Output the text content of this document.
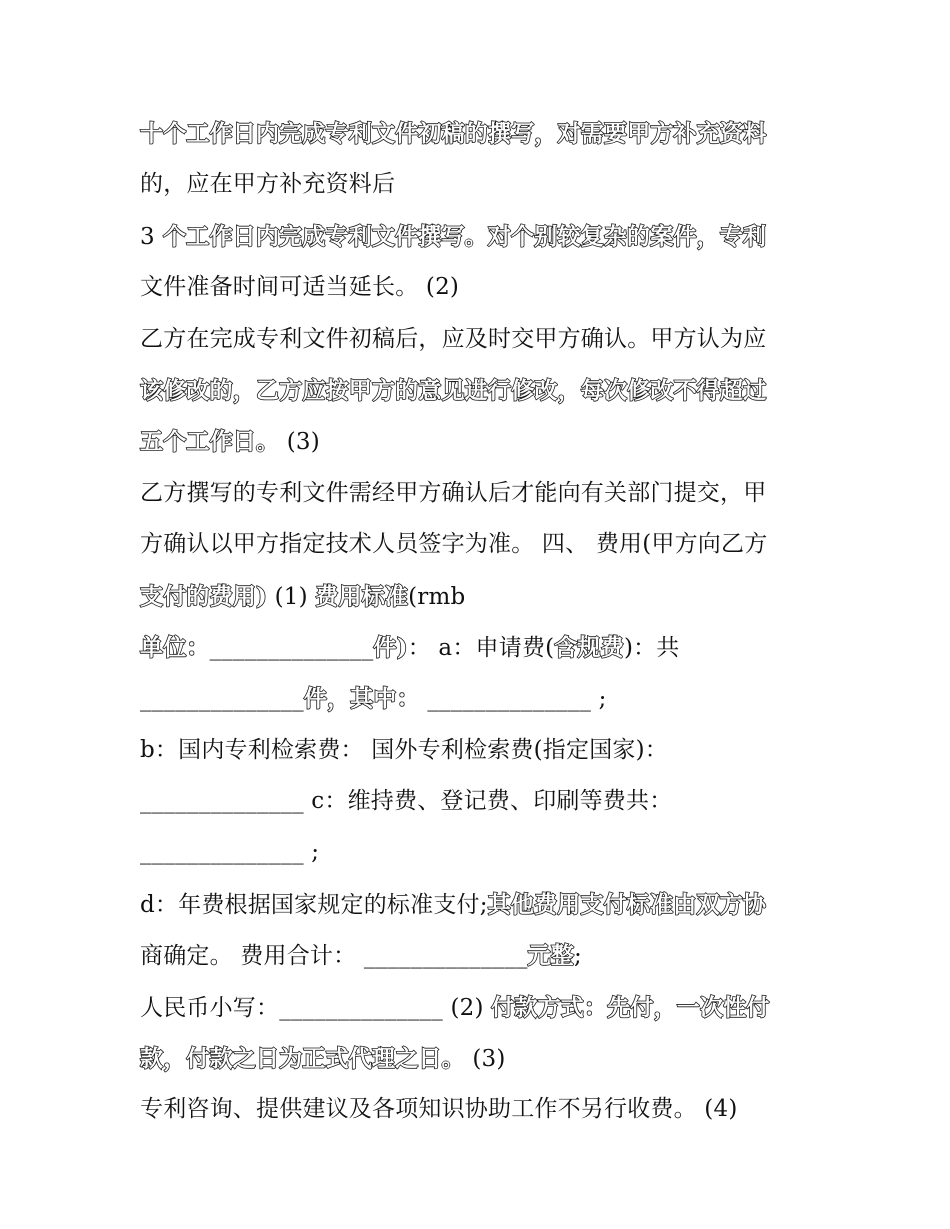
十个工作日内完成专利文件初稿的撰写，对需要甲方补充资料
的，应在甲方补充资料后
3 个工作日内完成专利文件撰写。对个别较复杂的案件，专利
文件准备时间可适当延长。 (2)
乙方在完成专利文件初稿后，应及时交甲方确认。甲方认为应
该修改的，乙方应按甲方的意见进行修改，每次修改不得超过
五个工作日。 (3)
乙方撰写的专利文件需经甲方确认后才能向有关部门提交，甲
方确认以甲方指定技术人员签字为准。 四、 费用(甲方向乙方
支付的费用) (1) 费用标准(rmb
单位：______________件)： a：申请费(含规费)：共
______________件，其中： ______________ ;
b：国内专利检索费： 国外专利检索费(指定国家)：
______________ c：维持费、登记费、印刷等费共：
______________ ;
d：年费根据国家规定的标准支付;其他费用支付标准由双方协
商确定。 费用合计： ______________元整;
人民币小写：______________ (2) 付款方式：先付，一次性付
款，付款之日为正式代理之日。 (3)
专利咨询、提供建议及各项知识协助工作不另行收费。 (4)
